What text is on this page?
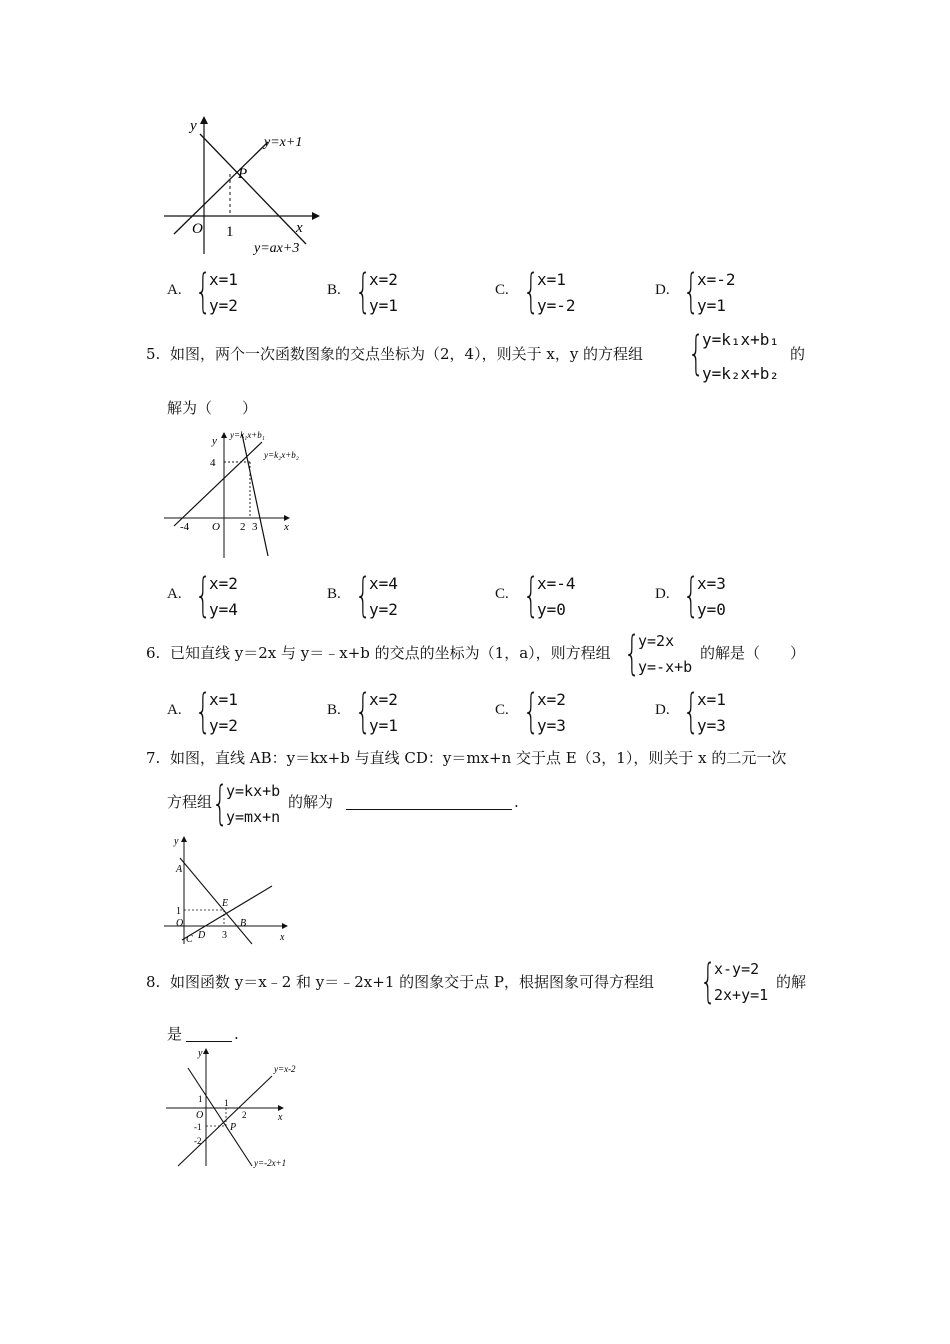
y
x
O 1
P
y=x+1
y=ax+3
A. {
x=1
y=2
B. {
x=2
y=1
C. {
x=1
y=-2
D. {
x=-2
y=1
5. 如图，两个一次函数图象的交点坐标为（2，4），则关于 x，y 的方程组 {
y=k₁x+b₁
y=k₂x+b₂
的
解为（　　）
y
x
O
4
-4	2 3
y=k₁x+b₁
y=k₂x+b₂
A. {
x=2
y=4
B. {
x=4
y=2
C. {
x=-4
y=0
D. {
x=3
y=0
6. 已知直线 y＝2x 与 y＝﹣x+b 的交点的坐标为（1，a），则方程组 {
y=2x
y=-x+b
的解是（　　）
A. {
x=1
y=2
B. {
x=2
y=1
C. {
x=2
y=3
D. {
x=1
y=3
7. 如图，直线 AB：y＝kx+b 与直线 CD：y＝mx+n 交于点 E（3，1），则关于 x 的二元一次
方程组 {
y=kx+b
y=mx+n
的解为	.
y
x
A
E
1
O
D
C	3
B
8. 如图函数 y＝x﹣2 和 y＝﹣2x+1 的图象交于点 P，根据图象可得方程组 {
x-y=2
2x+y=1
的解
是	.
y
x
1
O
-1
-2
1
2
P
y=x-2
y=-2x+1
